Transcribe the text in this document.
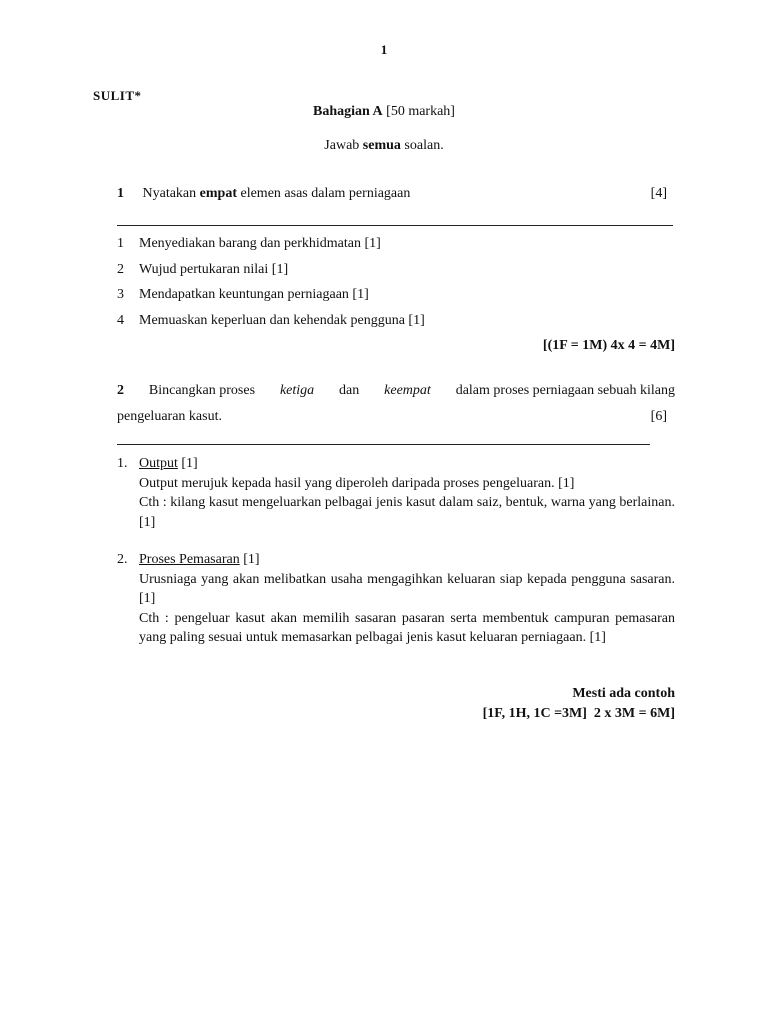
1
SULIT*
Bahagian A [50 markah]
Jawab semua soalan.
1 Nyatakan empat elemen asas dalam perniagaan	[4]
1 Menyediakan barang dan perkhidmatan [1]
2 Wujud pertukaran nilai [1]
3 Mendapatkan keuntungan perniagaan [1]
4 Memuaskan keperluan dan kehendak pengguna [1]
[(1F = 1M) 4x 4 = 4M]
2 Bincangkan proses ketiga dan keempat dalam proses perniagaan sebuah kilang
pengeluaran kasut.	[6]
1. Output [1]
Output merujuk kepada hasil yang diperoleh daripada proses pengeluaran. [1]
Cth : kilang kasut mengeluarkan pelbagai jenis kasut dalam saiz, bentuk, warna yang berlainan. [1]
2. Proses Pemasaran [1]
Urusniaga yang akan melibatkan usaha mengagihkan keluaran siap kepada pengguna sasaran. [1]
Cth : pengeluar kasut akan memilih sasaran pasaran serta membentuk campuran pemasaran yang paling sesuai untuk memasarkan pelbagai jenis kasut keluaran perniagaan. [1]
Mesti ada contoh
[1F, 1H, 1C =3M]  2 x 3M = 6M]
